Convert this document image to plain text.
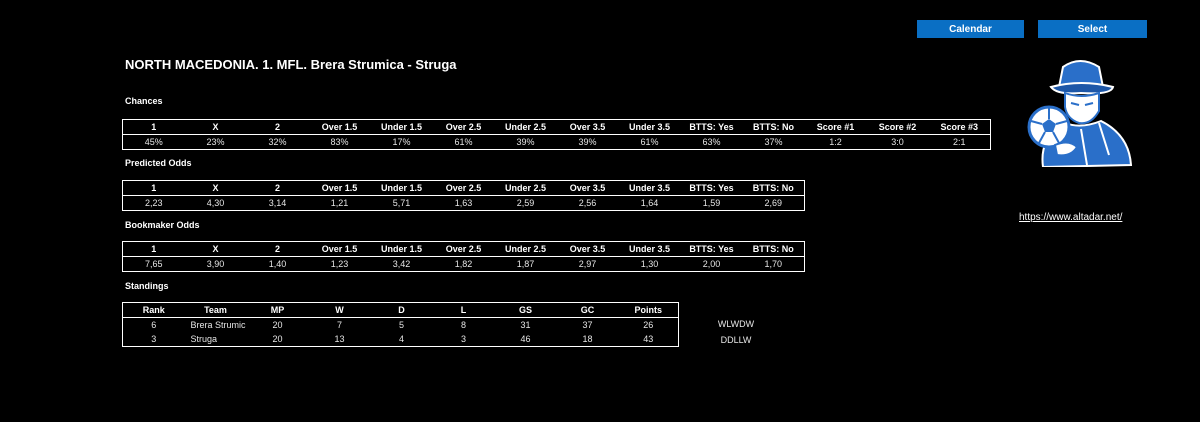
Calendar	Select
NORTH MACEDONIA. 1. MFL. Brera Strumica - Struga
Chances
1	X	2	Over 1.5	Under 1.5	Over 2.5	Under 2.5	Over 3.5	Under 3.5	BTTS: Yes	BTTS: No	Score #1	Score #2	Score #3
45%	23%	32%	83%	17%	61%	39%	39%	61%	63%	37%	1:2	3:0	2:1
Predicted Odds
1	X	2	Over 1.5	Under 1.5	Over 2.5	Under 2.5	Over 3.5	Under 3.5	BTTS: Yes	BTTS: No
2,23	4,30	3,14	1,21	5,71	1,63	2,59	2,56	1,64	1,59	2,69
Bookmaker Odds
1	X	2	Over 1.5	Under 1.5	Over 2.5	Under 2.5	Over 3.5	Under 3.5	BTTS: Yes	BTTS: No
7,65	3,90	1,40	1,23	3,42	1,82	1,87	2,97	1,30	2,00	1,70
Standings
Rank	Team	MP	W	D	L	GS	GC	Points
6	Brera Strumic	20	7	5	8	31	37	26
3	Struga	20	13	4	3	46	18	43
WLWDW
DDLLW
https://www.altadar.net/
